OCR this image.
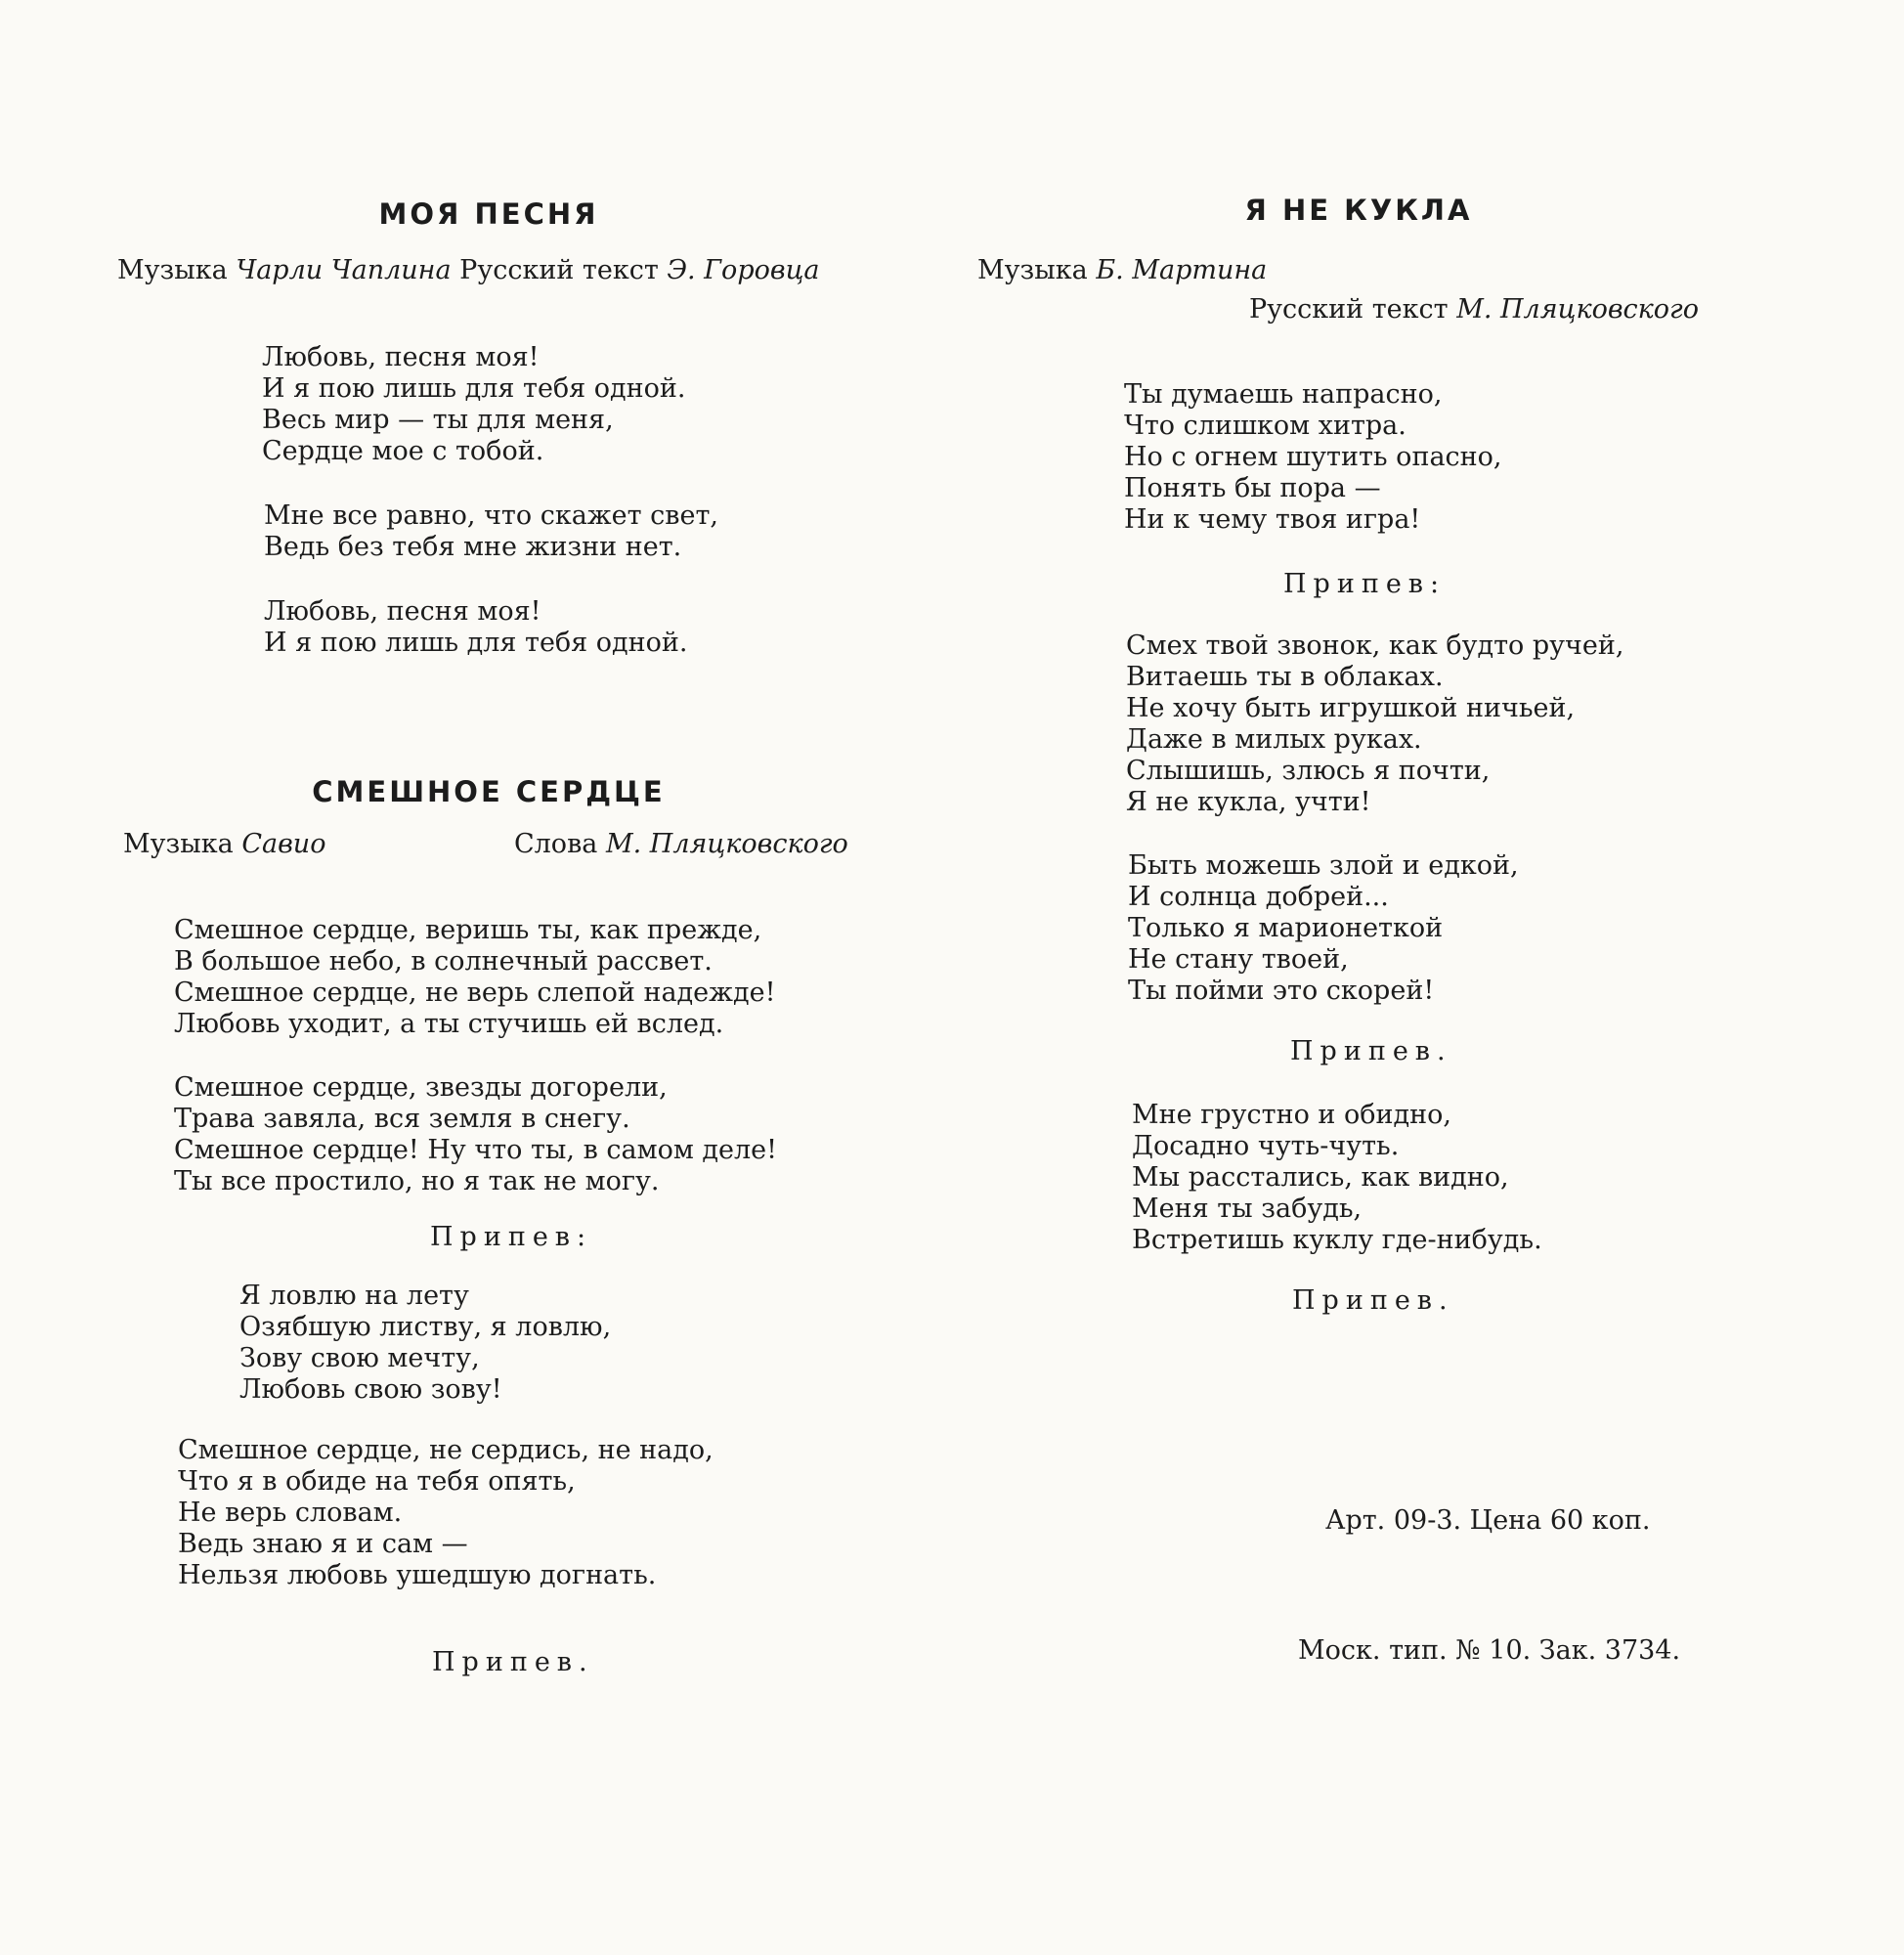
МОЯ ПЕСНЯ
Музыка Чарли Чаплина Русский текст Э. Горовца
Любовь, песня моя!
И я пою лишь для тебя одной.
Весь мир — ты для меня,
Сердце мое с тобой.
Мне все равно, что скажет свет,
Ведь без тебя мне жизни нет.
Любовь, песня моя!
И я пою лишь для тебя одной.
СМЕШНОЕ СЕРДЦЕ
Музыка Савио	Слова М. Пляцковского
Смешное сердце, веришь ты, как прежде,
В большое небо, в солнечный рассвет.
Смешное сердце, не верь слепой надежде!
Любовь уходит, а ты стучишь ей вслед.
Смешное сердце, звезды догорели,
Трава завяла, вся земля в снегу.
Смешное сердце! Ну что ты, в самом деле!
Ты все простило, но я так не могу.
Припев:
Я ловлю на лету
Озябшую листву, я ловлю,
Зову свою мечту,
Любовь свою зову!
Смешное сердце, не сердись, не надо,
Что я в обиде на тебя опять,
Не верь словам.
Ведь знаю я и сам —
Нельзя любовь ушедшую догнать.
Припев.
Я НЕ КУКЛА
Музыка Б. Мартина
Русский текст М. Пляцковского
Ты думаешь напрасно,
Что слишком хитра.
Но с огнем шутить опасно,
Понять бы пора —
Ни к чему твоя игра!
Припев:
Смех твой звонок, как будто ручей,
Витаешь ты в облаках.
Не хочу быть игрушкой ничьей,
Даже в милых руках.
Слышишь, злюсь я почти,
Я не кукла, учти!
Быть можешь злой и едкой,
И солнца добрей...
Только я марионеткой
Не стану твоей,
Ты пойми это скорей!
Припев.
Мне грустно и обидно,
Досадно чуть-чуть.
Мы расстались, как видно,
Меня ты забудь,
Встретишь куклу где-нибудь.
Припев.
Арт. 09-3. Цена 60 коп.
Моск. тип. № 10. Зак. 3734.
